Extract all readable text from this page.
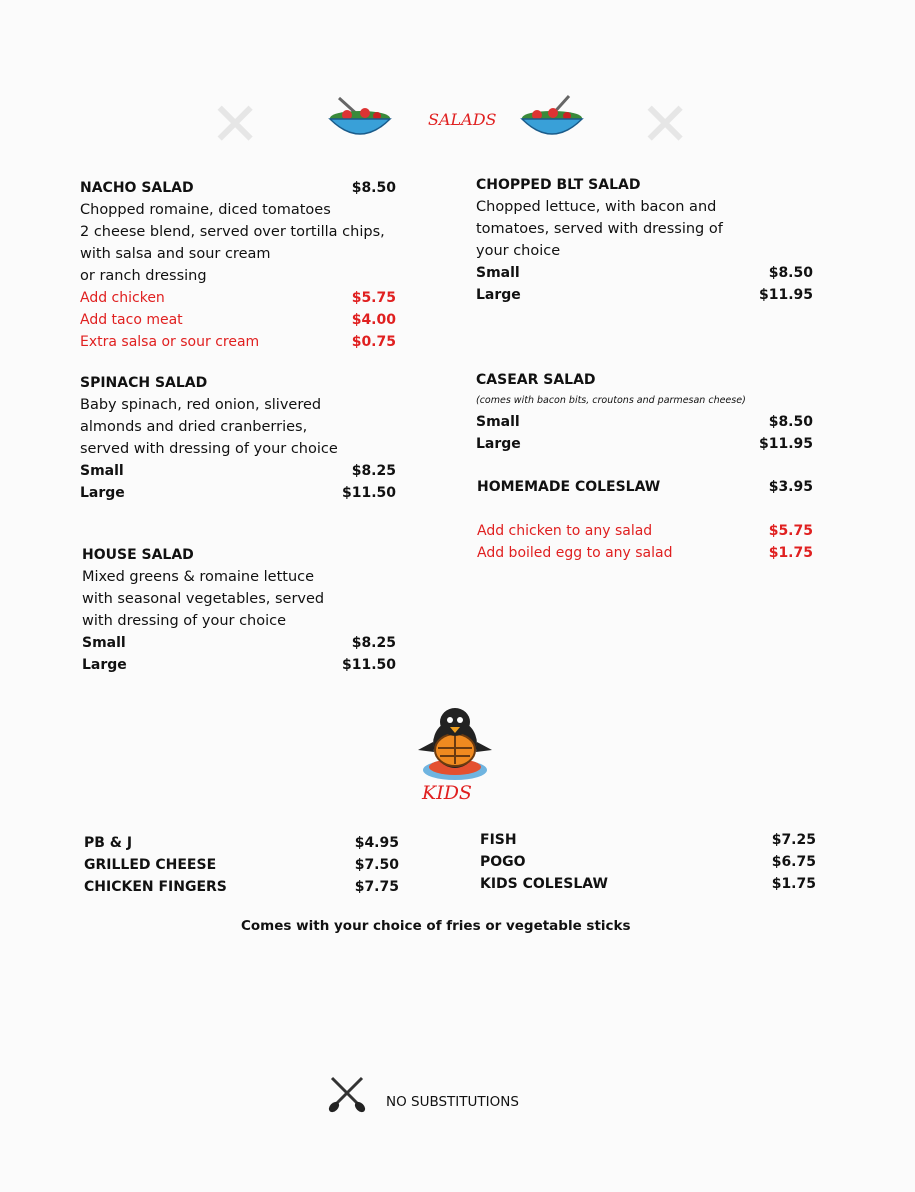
✕	✕
SALADS
NACHO SALAD	$8.50
Chopped romaine, diced tomatoes
2 cheese blend, served over tortilla chips,
with salsa and sour cream
or ranch dressing
Add chicken	$5.75
Add taco meat	$4.00
Extra salsa or sour cream	$0.75
SPINACH SALAD
Baby spinach, red onion, slivered
almonds and dried cranberries,
served with dressing of your choice
Small	$8.25
Large	$11.50
HOUSE SALAD
Mixed greens & romaine lettuce
with seasonal vegetables, served
with dressing of your choice
Small	$8.25
Large	$11.50
CHOPPED BLT SALAD
Chopped lettuce, with bacon and
tomatoes, served with dressing of
your choice
Small	$8.50
Large	$11.95
CASEAR SALAD
(comes with bacon bits, croutons and parmesan cheese)
Small	$8.50
Large	$11.95
HOMEMADE COLESLAW	$3.95
Add chicken to any salad	$5.75
Add boiled egg to any salad	$1.75
KIDS
PB & J	$4.95
GRILLED CHEESE	$7.50
CHICKEN FINGERS	$7.75
FISH	$7.25
POGO	$6.75
KIDS COLESLAW	$1.75
Comes with your choice of fries or vegetable sticks
NO SUBSTITUTIONS
